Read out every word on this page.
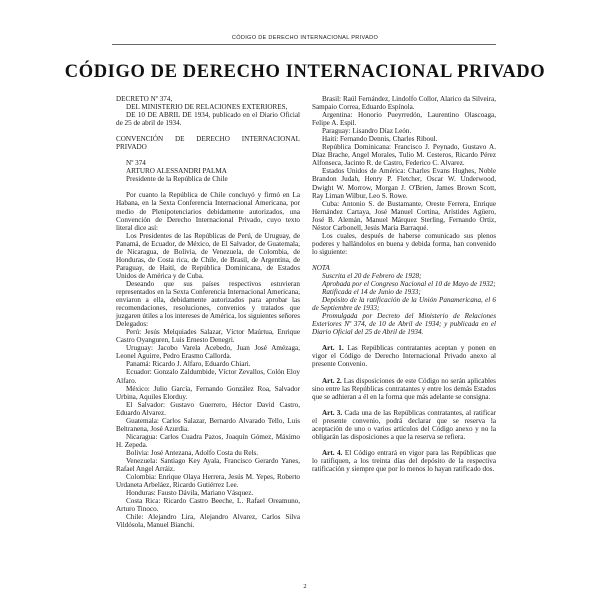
CÓDIGO DE DERECHO INTERNACIONAL PRIVADO
CÓDIGO DE DERECHO INTERNACIONAL PRIVADO

DECRETO Nº 374,

DEL MINISTERIO DE RELACIONES EXTERIORES,

DE 10 DE ABRIL DE 1934, publicado en el Diario Oficial de 25 de abril de 1934.

CONVENCIÓN DE DERECHO INTERNACIONAL PRIVADO

Nº 374

ARTURO ALESSANDRI PALMA

Presidente de la República de Chile

Por cuanto la República de Chile concluyó y firmó en La Habana, en la Sexta Conferencia Internacional Americana, por medio de Plenipotenciarios debidamente autorizados, una Convención de Derecho Internacional Privado, cuyo texto literal dice así:

Los Presidentes de las Repúblicas de Perú, de Uruguay, de Panamá, de Ecuador, de México, de El Salvador, de Guatemala, de Nicaragua, de Bolivia, de Venezuela, de Colombia, de Honduras, de Costa rica, de Chile, de Brasil, de Argentina, de Paraguay, de Haití, de República Dominicana, de Estados Unidos de América y de Cuba.

Deseando que sus países respectivos estuvieran representados en la Sexta Conferencia Internacional Americana, enviaron a ella, debidamente autorizados para aprobar las recomendaciones, resoluciones, convenios y tratados que juzgaren útiles a los intereses de América, los siguientes señores Delegados:

Perú: Jesús Melquiades Salazar, Víctor Maúrtua, Enrique Castro Oyanguren, Luis Ernesto Denegri.

Uruguay: Jacobo Varela Acebedo, Juan José Amézaga, Leonel Aguirre, Pedro Erasmo Callorda.

Panamá: Ricardo J. Alfaro, Eduardo Chiari.

Ecuador: Gonzalo Zaldumbide, Víctor Zevallos, Colón Eloy Alfaro.

México: Julio García, Fernando González Roa, Salvador Urbina, Aquiles Elorduy.

El Salvador: Gustavo Guerrero, Héctor David Castro, Eduardo Alvarez.

Guatemala: Carlos Salazar, Bernardo Alvarado Tello, Luis Beltranena, José Azurdia.

Nicaragua: Carlos Cuadra Pazos, Joaquín Gómez, Máximo H. Zepeda.

Bolivia: José Antezana, Adolfo Costa du Rels.

Venezuela: Santiago Key Ayala, Francisco Gerardo Yanes, Rafael Angel Arráiz.

Colombia: Enrique Olaya Herrera, Jesús M. Yepes, Roberto Urdaneta Arbeláez, Ricardo Gutiérrez Lee.

Honduras: Fausto Dávila, Mariano Vásquez.

Costa Rica: Ricardo Castro Beeche, L. Rafael Oreamuno, Arturo Tinoco.

Chile: Alejandro Lira, Alejandro Alvarez, Carlos Silva Vildósola, Manuel Bianchi.

Brasil: Raúl Fernández, Lindolfo Collor, Alarico da Silveira, Sampaio Correa, Eduardo Espínola.

Argentina: Honorio Pueyrredón, Laurentino Olascoaga, Felipe A. Espil.

Paraguay: Lisandro Díaz León.

Haití: Fernando Dennis, Charles Riboul.

República Dominicana: Francisco J. Peynado, Gustavo A. Díaz Brache, Angel Morales, Tulio M. Cesteros, Ricardo Pérez Alfonseca, Jacinto R. de Castro, Federico C. Alvarez.

Estados Unidos de América: Charles Evans Hughes, Noble Brandon Judah, Henry P. Fletcher, Oscar W. Underwood, Dwight W. Morrow, Morgan J. O'Brien, James Brown Scott, Ray Liman Wilbur, Leo S. Rowe.

Cuba: Antonio S. de Bustamante, Oreste Ferrera, Enrique Hernández Cartaya, José Manuel Cortina, Arístides Agüero, José B. Alemán, Manuel Márquez Sterling, Fernando Ortiz, Néstor Carbonell, Jesús María Barraqué.

Los cuales, después de haberse comunicado sus plenos poderes y hallándolos en buena y debida forma, han convenido lo siguiente:

NOTA

Suscrita el 20 de Febrero de 1928;

Aprobada por el Congreso Nacional el 10 de Mayo de 1932;

Ratificada el 14 de Junio de 1933;

Depósito de la ratificación de la Unión Panamericana, el 6 de Septiembre de 1933;

Promulgada por Decreto del Ministerio de Relaciones Exteriores Nº 374, de 10 de Abril de 1934; y publicada en el Diario Oficial del 25 de Abril de 1934.

Art. 1. Las Repúblicas contratantes aceptan y ponen en vigor el Código de Derecho Internacional Privado anexo al presente Convenio.

Art. 2. Las disposiciones de este Código no serán aplicables sino entre las Repúblicas contratantes y entre los demás Estados que se adhieran a él en la forma que más adelante se consigna.

Art. 3. Cada una de las Repúblicas contratantes, al ratificar el presente convenio, podrá declarar que se reserva la aceptación de uno o varios artículos del Código anexo y no la obligarán las disposiciones a que la reserva se refiera.

Art. 4. El Código entrará en vigor para las Repúblicas que lo ratifiquen, a los treinta días del depósito de la respectiva ratificación y siempre que por lo menos lo hayan ratificado dos.

2
